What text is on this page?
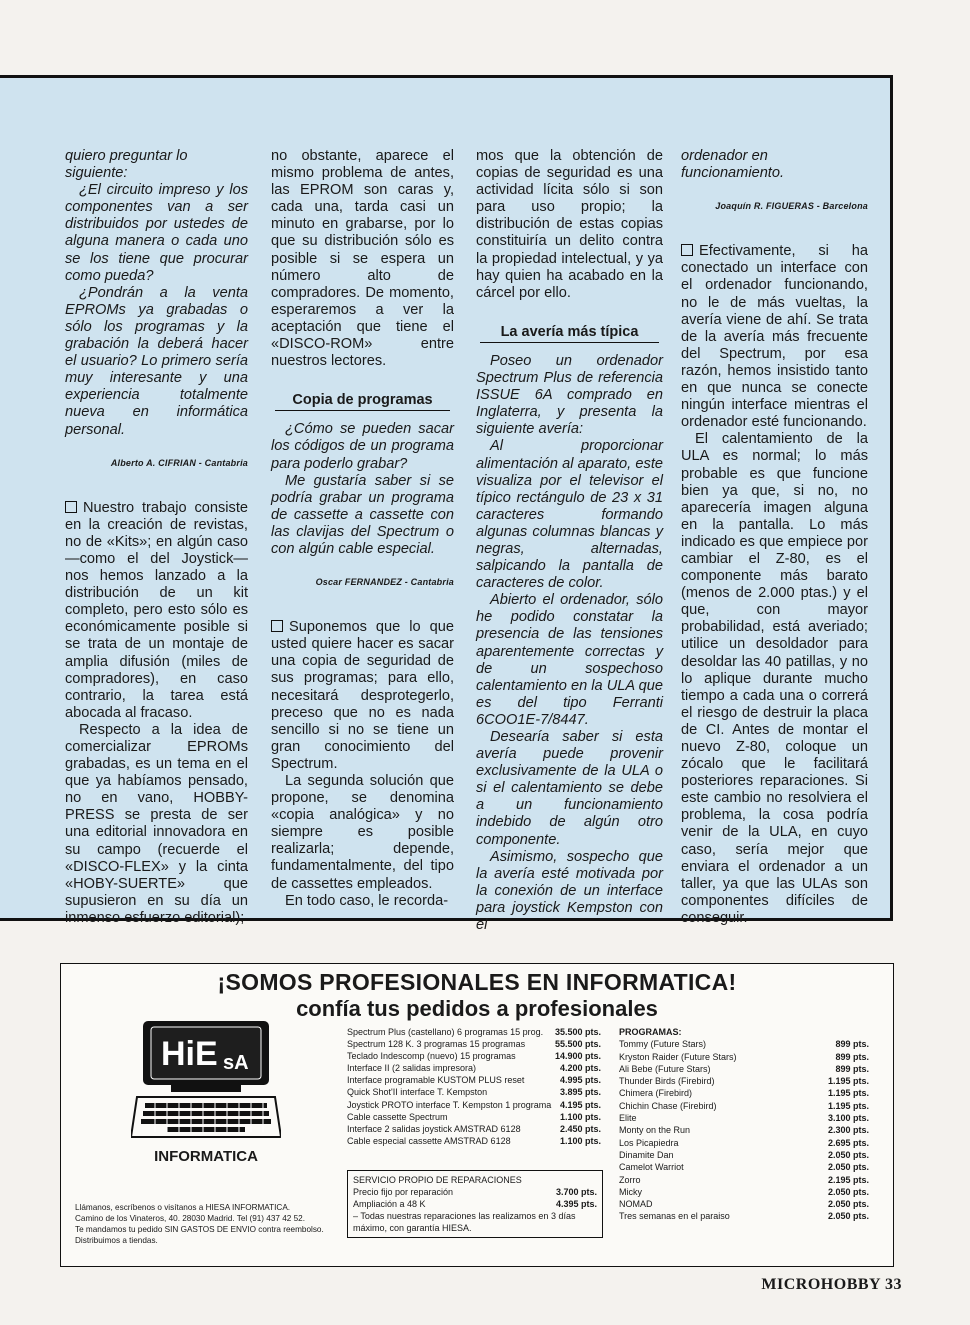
quiero preguntar lo siguiente:

¿El circuito impreso y los componentes van a ser distribuidos por ustedes de alguna manera o cada uno se los tiene que procurar como pueda?

¿Pondrán a la venta EPROMs ya grabadas o sólo los programas y la grabación la deberá hacer el usuario? Lo primero sería muy interesante y una experiencia totalmente nueva en informática personal.

Alberto A. CIFRIAN - Cantabria

Nuestro trabajo consiste en la creación de revistas, no de «Kits»; en algún caso —como el del Joystick— nos hemos lanzado a la distribución de un kit completo, pero esto sólo es económicamente posible si se trata de un montaje de amplia difusión (miles de compradores), en caso contrario, la tarea está abocada al fracaso.

Respecto a la idea de comercializar EPROMs grabadas, es un tema en el que ya habíamos pensado, no en vano, HOBBY-PRESS se presta de ser una editorial innovadora en su campo (recuerde el «DISCO-FLEX» y la cinta «HOBY-SUERTE» que supusieron en su día un inmenso esfuerzo editorial);

no obstante, aparece el mismo problema de antes, las EPROM son caras y, cada una, tarda casi un minuto en grabarse, por lo que su distribución sólo es posible si se espera un número alto de compradores. De momento, esperaremos a ver la aceptación que tiene el «DISCO-ROM» entre nuestros lectores.

Copia de programas

¿Cómo se pueden sacar los códigos de un programa para poderlo grabar?

Me gustaría saber si se podría grabar un programa de cassette a cassette con las clavijas del Spectrum o con algún cable especial.

Oscar FERNANDEZ - Cantabria

Suponemos que lo que usted quiere hacer es sacar una copia de seguridad de sus programas; para ello, necesitará desprotegerlo, preceso que no es nada sencillo si no se tiene un gran conocimiento del Spectrum.

La segunda solución que propone, se denomina «copia analógica» y no siempre es posible realizarla; depende, fundamentalmente, del tipo de cassettes empleados.

En todo caso, le recorda-

mos que la obtención de copias de seguridad es una actividad lícita sólo si son para uso propio; la distribución de estas copias constituiría un delito contra la propiedad intelectual, y ya hay quien ha acabado en la cárcel por ello.

La avería más típica

Poseo un ordenador Spectrum Plus de referencia ISSUE 6A comprado en Inglaterra, y presenta la siguiente avería:

Al proporcionar alimentación al aparato, este visualiza por el televisor el típico rectángulo de 23 x 31 caracteres formando algunas columnas blancas y negras, alternadas, salpicando la pantalla de caracteres de color.

Abierto el ordenador, sólo he podido constatar la presencia de las tensiones aparentemente correctas y de un sospechoso calentamiento en la ULA que es del tipo Ferranti 6COO1E-7/8447.

Desearía saber si esta avería puede provenir exclusivamente de la ULA o si el calentamiento se debe a un funcionamiento indebido de algún otro componente.

Asimismo, sospecho que la avería esté motivada por la conexión de un interface para joystick Kempston con el

ordenador en funcionamiento.

Joaquín R. FIGUERAS - Barcelona

Efectivamente, si ha conectado un interface con el ordenador funcionando, no le de más vueltas, la avería viene de ahí. Se trata de la avería más frecuente del Spectrum, por esa razón, hemos insistido tanto en que nunca se conecte ningún interface mientras el ordenador esté funcionando.

El calentamiento de la ULA es normal; lo más probable es que funcione bien ya que, si no, no aparecería imagen alguna en la pantalla. Lo más indicado es que empiece por cambiar el Z-80, es el componente más barato (menos de 2.000 ptas.) y el que, con mayor probabilidad, está averiado; utilice un desoldador para desoldar las 40 patillas, y no lo aplique durante mucho tiempo a cada una o correrá el riesgo de destruir la placa de CI. Antes de montar el nuevo Z-80, coloque un zócalo que le facilitará posteriores reparaciones. Si este cambio no resolviera el problema, la cosa podría venir de la ULA, en cuyo caso, sería mejor que enviara el ordenador a un taller, ya que las ULAs son componentes difíciles de conseguir.

¡SOMOS PROFESIONALES EN INFORMATICA!
confía tus pedidos a profesionales
HiE sA
INFORMATICA
Llámanos, escríbenos o visítanos a HIESA INFORMATICA.
Camino de los Vinateros, 40. 28030 Madrid. Tel (91) 437 42 52.
Te mandamos tu pedido SIN GASTOS DE ENVIO contra reembolso. Distribuimos a tiendas.
Spectrum Plus (castellano) 6 programas 15 prog. 35.500 pts.
Spectrum 128 K. 3 programas 15 programas	55.500 pts.
Teclado Indescomp (nuevo) 15 programas	14.900 pts.
Interface II (2 salidas impresora)	4.200 pts.
Interface programable KUSTOM PLUS reset	4.995 pts.
Quick Shot'II interface T. Kempston	3.895 pts.
Joystick PROTO interface T. Kempston 1 programa 4.195 pts.
Cable cassette Spectrum	1.100 pts.
Interface 2 salidas joystick AMSTRAD 6128	2.450 pts.
Cable especial cassette AMSTRAD 6128	1.100 pts.
SERVICIO PROPIO DE REPARACIONES
Precio fijo por reparación	3.700 pts.
Ampliación a 48 K	4.395 pts.
– Todas nuestras reparaciones las realizamos en 3 días máximo, con garantía HIESA.
PROGRAMAS:
Tommy (Future Stars)	899 pts.
Kryston Raider (Future Stars)	899 pts.
Ali Bebe (Future Stars)	899 pts.
Thunder Birds (Firebird)	1.195 pts.
Chimera (Firebird)	1.195 pts.
Chichin Chase (Firebird)	1.195 pts.
Elite	3.100 pts.
Monty on the Run	2.300 pts.
Los Picapiedra	2.695 pts.
Dinamite Dan	2.050 pts.
Camelot Warriot	2.050 pts.
Zorro	2.195 pts.
Micky	2.050 pts.
NOMAD	2.050 pts.
Tres semanas en el paraiso	2.050 pts.
MICROHOBBY 33
